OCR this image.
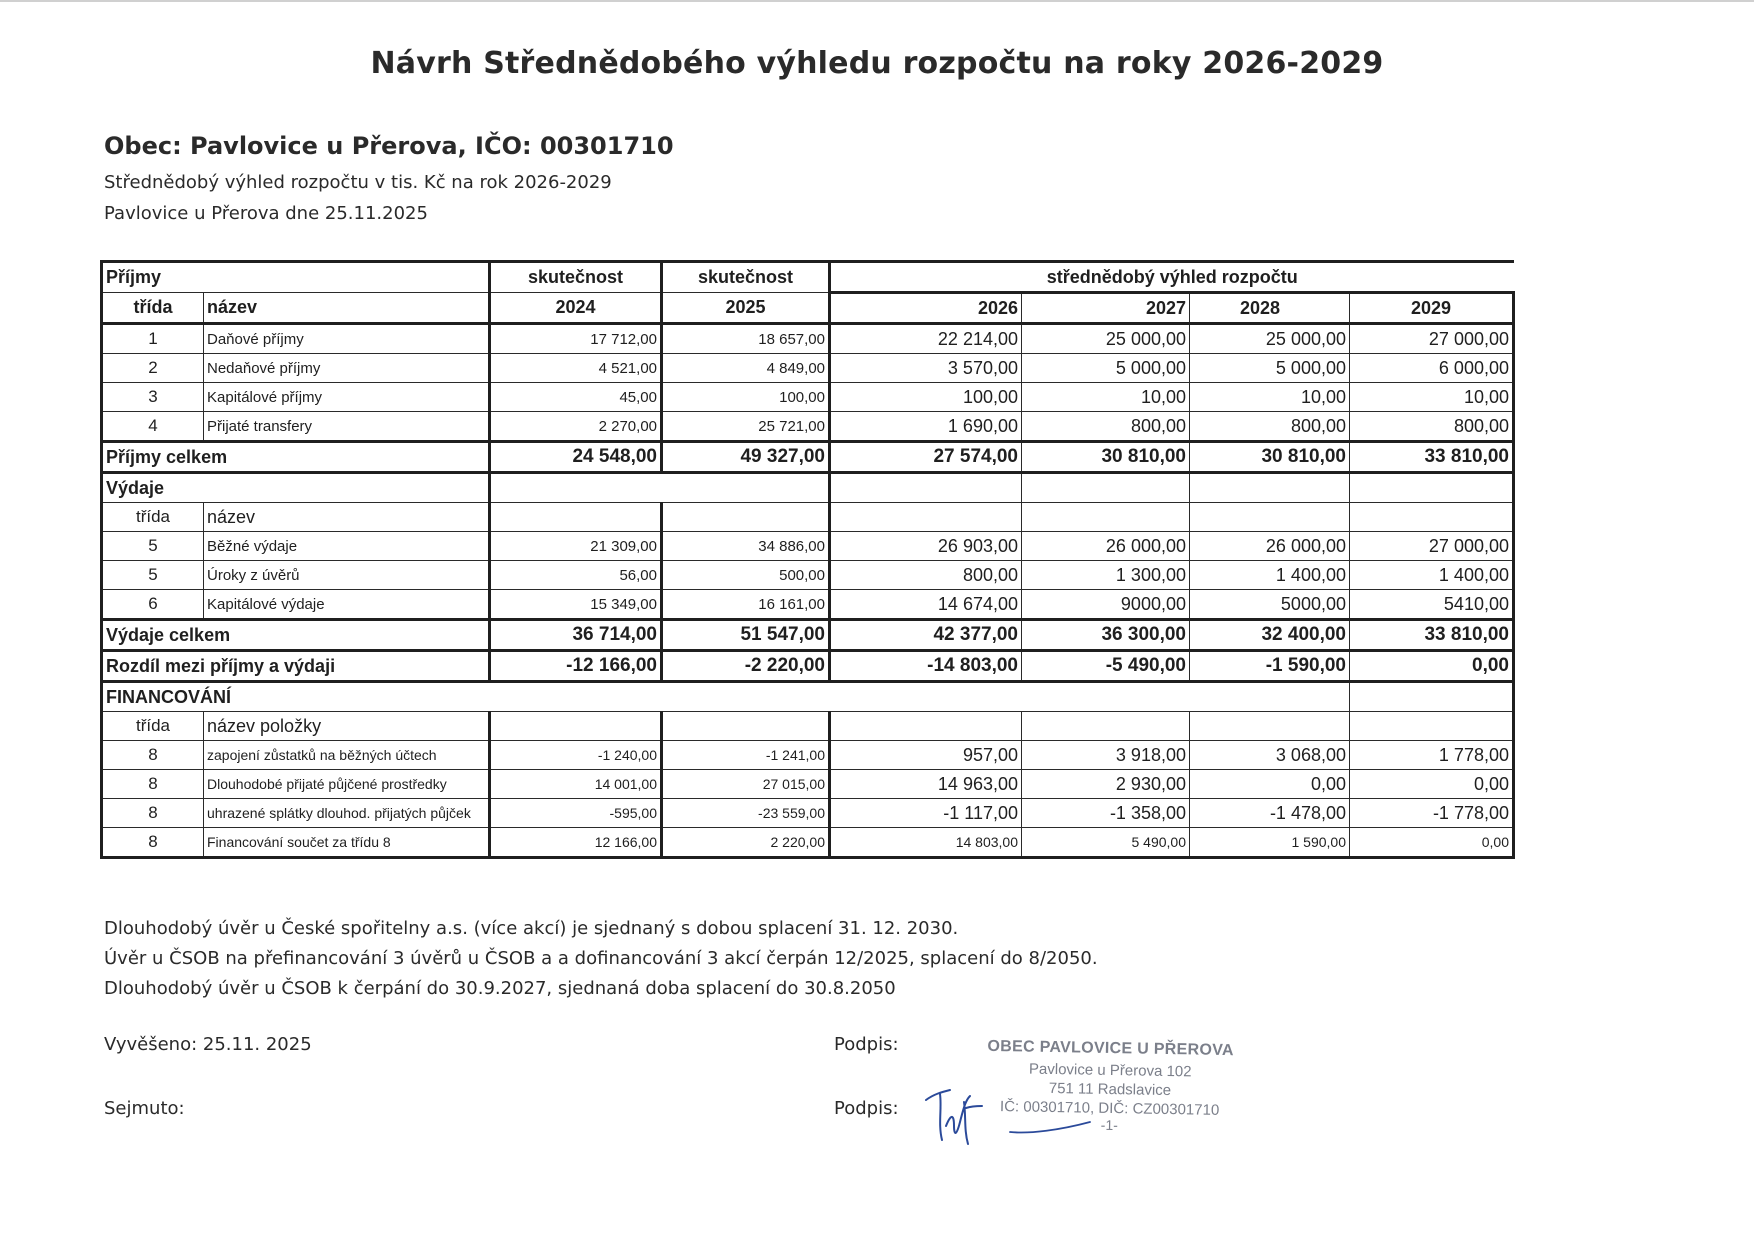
Návrh Střednědobého výhledu rozpočtu na roky 2026-2029
Obec: Pavlovice u Přerova, IČO: 00301710
Střednědobý výhled rozpočtu v tis. Kč na rok 2026-2029
Pavlovice u Přerova dne 25.11.2025
Příjmy		skutečnost	skutečnost	střednědobý výhled rozpočtu			
třída	název	2024	2025	2026	2027	2028	2029
1	Daňové příjmy	17 712,00	18 657,00	22 214,00	25 000,00	25 000,00	27 000,00
2	Nedaňové příjmy	4 521,00	4 849,00	3 570,00	5 000,00	5 000,00	6 000,00
3	Kapitálové příjmy	45,00	100,00	100,00	10,00	10,00	10,00
4	Přijaté transfery	2 270,00	25 721,00	1 690,00	800,00	800,00	800,00
Příjmy celkem		24 548,00	49 327,00	27 574,00	30 810,00	30 810,00	33 810,00
Výdaje							
třída	název						
5	Běžné výdaje	21 309,00	34 886,00	26 903,00	26 000,00	26 000,00	27 000,00
5	Úroky z úvěrů	56,00	500,00	800,00	1 300,00	1 400,00	1 400,00
6	Kapitálové výdaje	15 349,00	16 161,00	14 674,00	9000,00	5000,00	5410,00
Výdaje celkem		36 714,00	51 547,00	42 377,00	36 300,00	32 400,00	33 810,00
Rozdíl mezi příjmy a výdaji		-12 166,00	-2 220,00	-14 803,00	-5 490,00	-1 590,00	0,00
FINANCOVÁNÍ							
třída	název položky						
8	zapojení zůstatků na běžných účtech	-1 240,00	-1 241,00	957,00	3 918,00	3 068,00	1 778,00
8	Dlouhodobé přijaté půjčené prostředky	14 001,00	27 015,00	14 963,00	2 930,00	0,00	0,00
8	uhrazené splátky dlouhod. přijatých půjček	-595,00	-23 559,00	-1 117,00	-1 358,00	-1 478,00	-1 778,00
8	Financování součet za třídu 8	12 166,00	2 220,00	14 803,00	5 490,00	1 590,00	0,00
Dlouhodobý úvěr u České spořitelny a.s. (více akcí) je sjednaný s dobou splacení 31. 12. 2030.
Úvěr u ČSOB na přefinancování 3 úvěrů u ČSOB a a dofinancování 3 akcí čerpán 12/2025, splacení do 8/2050.
Dlouhodobý úvěr u ČSOB k čerpání do 30.9.2027, sjednaná doba splacení do 30.8.2050
Vyvěšeno: 25.11. 2025
Sejmuto:
Podpis:
Podpis:
OBEC PAVLOVICE U PŘEROVA
Pavlovice u Přerova 102
751 11 Radslavice
IČ: 00301710, DIČ: CZ00301710
-1-
